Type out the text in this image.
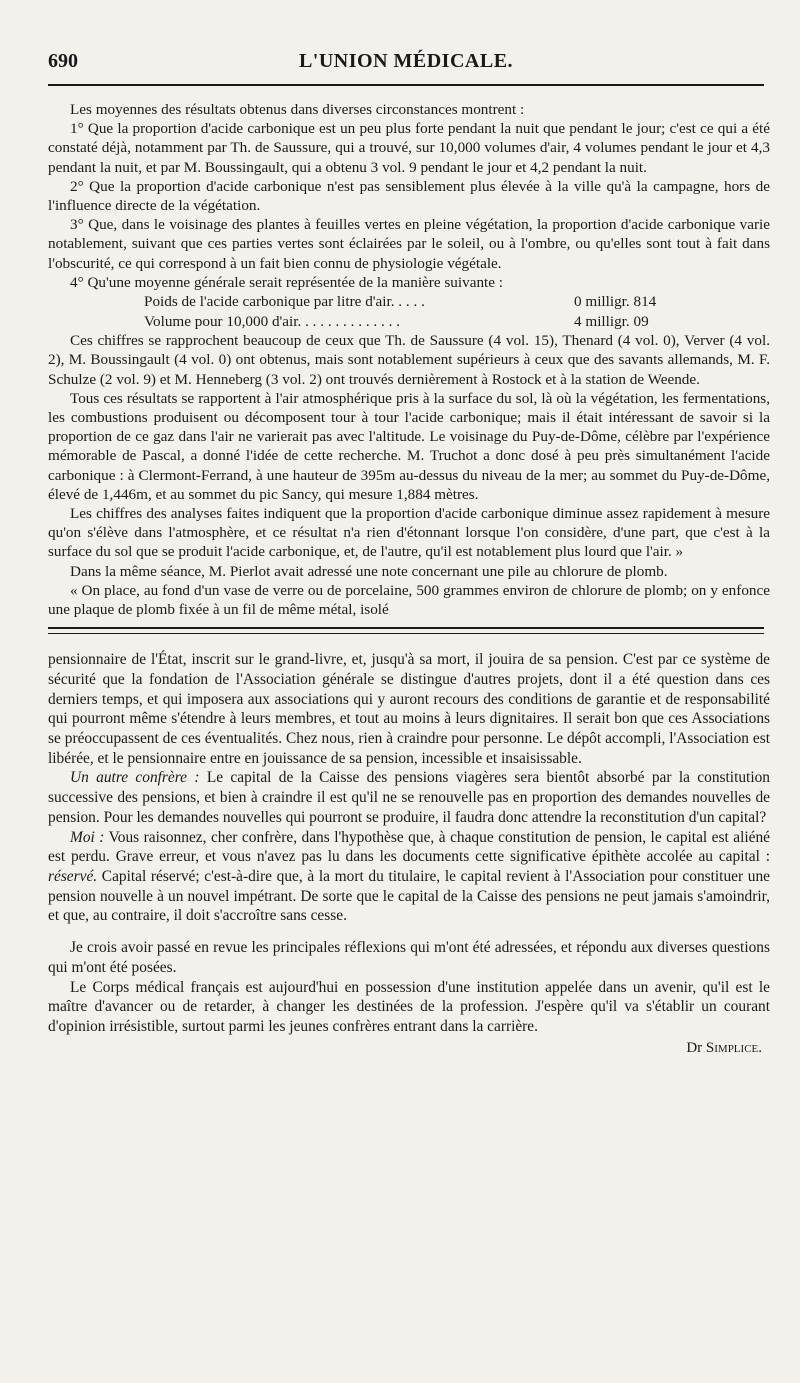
690	L'UNION MÉDICALE.

Les moyennes des résultats obtenus dans diverses circonstances montrent :

1° Que la proportion d'acide carbonique est un peu plus forte pendant la nuit que pendant le jour; c'est ce qui a été constaté déjà, notamment par Th. de Saussure, qui a trouvé, sur 10,000 volumes d'air, 4 volumes pendant le jour et 4,3 pendant la nuit, et par M. Boussingault, qui a obtenu 3 vol. 9 pendant le jour et 4,2 pendant la nuit.

2° Que la proportion d'acide carbonique n'est pas sensiblement plus élevée à la ville qu'à la campagne, hors de l'influence directe de la végétation.

3° Que, dans le voisinage des plantes à feuilles vertes en pleine végétation, la proportion d'acide carbonique varie notablement, suivant que ces parties vertes sont éclairées par le soleil, ou à l'ombre, ou qu'elles sont tout à fait dans l'obscurité, ce qui correspond à un fait bien connu de physiologie végétale.

4° Qu'une moyenne générale serait représentée de la manière suivante :

Poids de l'acide carbonique par litre d'air. . . . .	0 milligr. 814
Volume pour 10,000 d'air. . . . . . . . . . . . . .	4 milligr. 09

Ces chiffres se rapprochent beaucoup de ceux que Th. de Saussure (4 vol. 15), Thenard (4 vol. 0), Verver (4 vol. 2), M. Boussingault (4 vol. 0) ont obtenus, mais sont notablement supérieurs à ceux que des savants allemands, M. F. Schulze (2 vol. 9) et M. Henneberg (3 vol. 2) ont trouvés dernièrement à Rostock et à la station de Weende.

Tous ces résultats se rapportent à l'air atmosphérique pris à la surface du sol, là où la végétation, les fermentations, les combustions produisent ou décomposent tour à tour l'acide carbonique; mais il était intéressant de savoir si la proportion de ce gaz dans l'air ne varierait pas avec l'altitude. Le voisinage du Puy-de-Dôme, célèbre par l'expérience mémorable de Pascal, a donné l'idée de cette recherche. M. Truchot a donc dosé à peu près simultanément l'acide carbonique : à Clermont-Ferrand, à une hauteur de 395m au-dessus du niveau de la mer; au sommet du Puy-de-Dôme, élevé de 1,446m, et au sommet du pic Sancy, qui mesure 1,884 mètres.

Les chiffres des analyses faites indiquent que la proportion d'acide carbonique diminue assez rapidement à mesure qu'on s'élève dans l'atmosphère, et ce résultat n'a rien d'étonnant lorsque l'on considère, d'une part, que c'est à la surface du sol que se produit l'acide carbonique, et, de l'autre, qu'il est notablement plus lourd que l'air. »

Dans la même séance, M. Pierlot avait adressé une note concernant une pile au chlorure de plomb.

« On place, au fond d'un vase de verre ou de porcelaine, 500 grammes environ de chlorure de plomb; on y enfonce une plaque de plomb fixée à un fil de même métal, isolé

pensionnaire de l'État, inscrit sur le grand-livre, et, jusqu'à sa mort, il jouira de sa pension. C'est par ce système de sécurité que la fondation de l'Association générale se distingue d'autres projets, dont il a été question dans ces derniers temps, et qui imposera aux associations qui y auront recours des conditions de garantie et de responsabilité qui pourront même s'étendre à leurs membres, et tout au moins à leurs dignitaires. Il serait bon que ces Associations se préoccupassent de ces éventualités. Chez nous, rien à craindre pour personne. Le dépôt accompli, l'Association est libérée, et le pensionnaire entre en jouissance de sa pension, incessible et insaisissable.

Un autre confrère : Le capital de la Caisse des pensions viagères sera bientôt absorbé par la constitution successive des pensions, et bien à craindre il est qu'il ne se renouvelle pas en proportion des demandes nouvelles de pension. Pour les demandes nouvelles qui pourront se produire, il faudra donc attendre la reconstitution d'un capital?

Moi : Vous raisonnez, cher confrère, dans l'hypothèse que, à chaque constitution de pension, le capital est aliéné est perdu. Grave erreur, et vous n'avez pas lu dans les documents cette significative épithète accolée au capital : réservé. Capital réservé; c'est-à-dire que, à la mort du titulaire, le capital revient à l'Association pour constituer une pension nouvelle à un nouvel impétrant. De sorte que le capital de la Caisse des pensions ne peut jamais s'amoindrir, et que, au contraire, il doit s'accroître sans cesse.

Je crois avoir passé en revue les principales réflexions qui m'ont été adressées, et répondu aux diverses questions qui m'ont été posées.

Le Corps médical français est aujourd'hui en possession d'une institution appelée dans un avenir, qu'il est le maître d'avancer ou de retarder, à changer les destinées de la profession. J'espère qu'il va s'établir un courant d'opinion irrésistible, surtout parmi les jeunes confrères entrant dans la carrière.

Dr Simplice.
